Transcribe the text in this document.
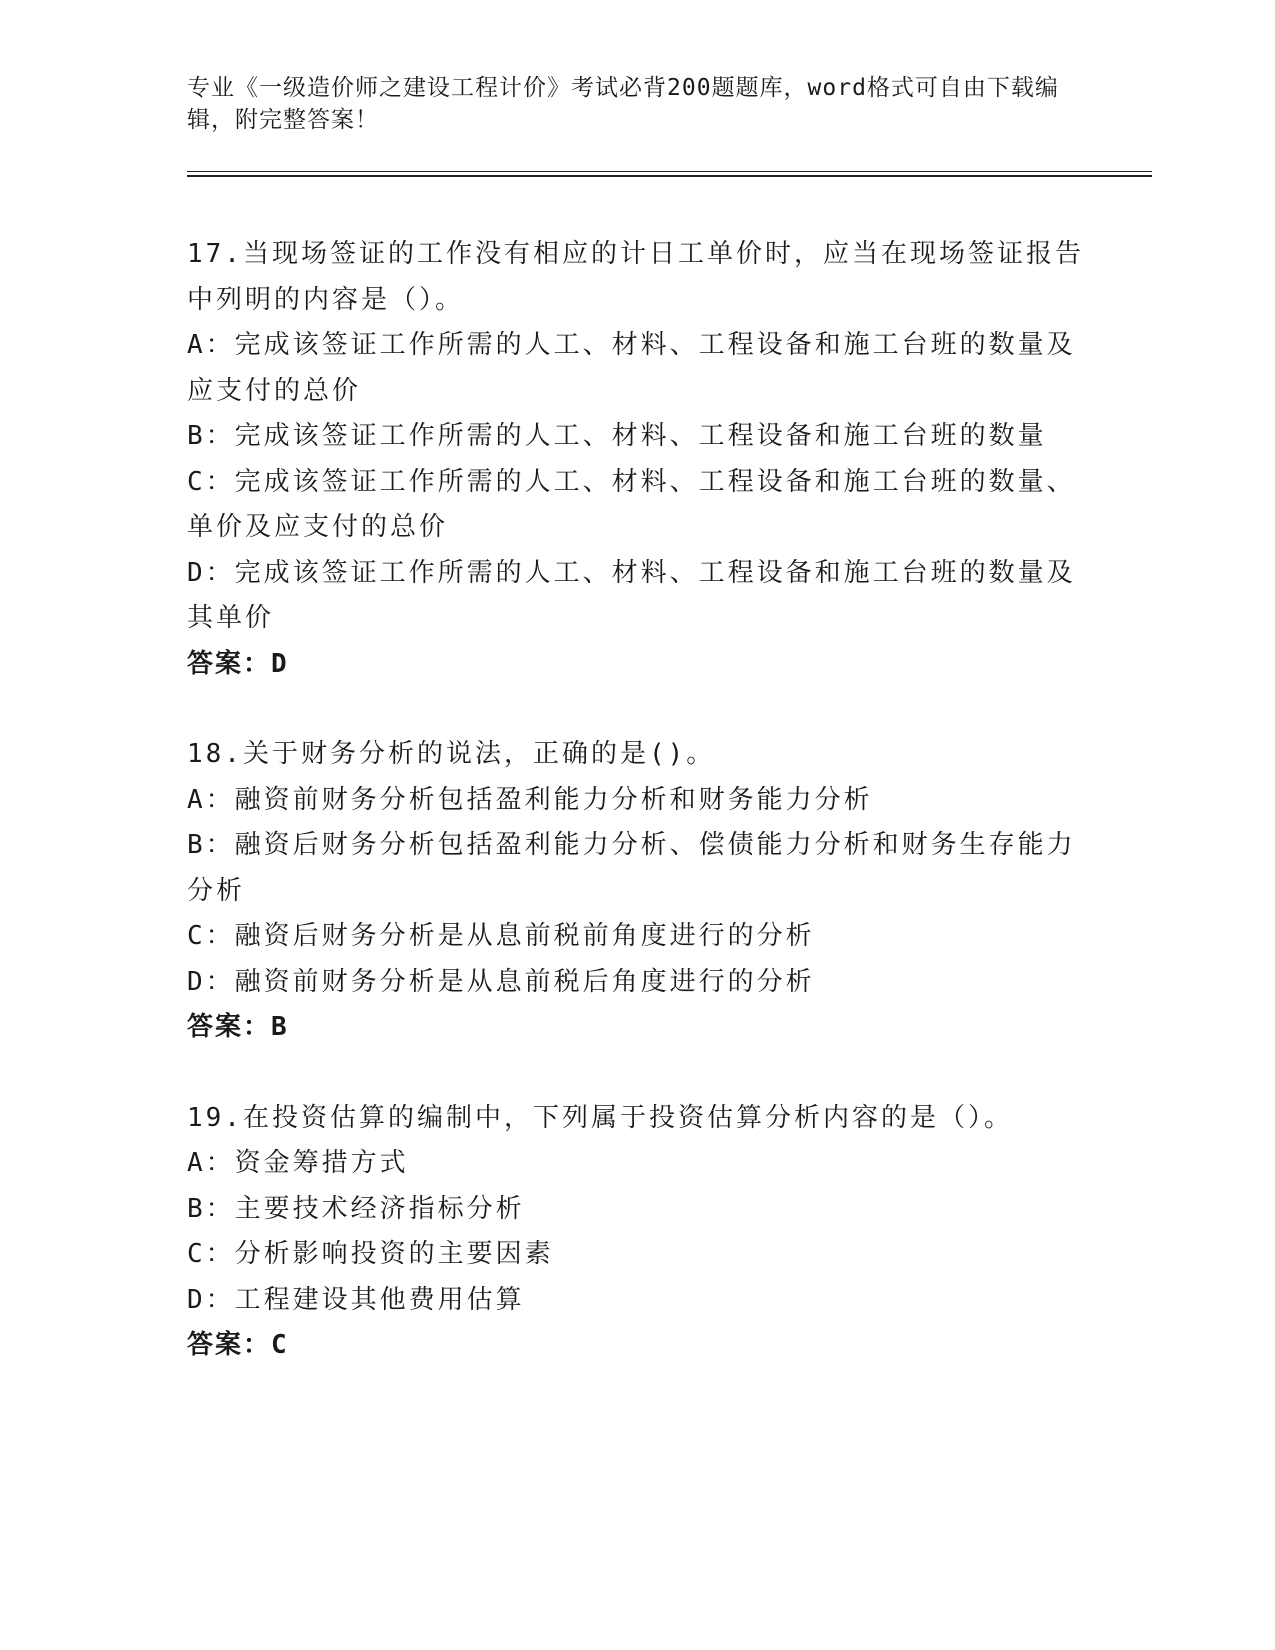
专业《一级造价师之建设工程计价》考试必背200题题库，word格式可自由下载编辑，附完整答案！
17.当现场签证的工作没有相应的计日工单价时，应当在现场签证报告中列明的内容是（）。
A：完成该签证工作所需的人工、材料、工程设备和施工台班的数量及应支付的总价
B：完成该签证工作所需的人工、材料、工程设备和施工台班的数量
C：完成该签证工作所需的人工、材料、工程设备和施工台班的数量、单价及应支付的总价
D：完成该签证工作所需的人工、材料、工程设备和施工台班的数量及其单价
答案：D
18.关于财务分析的说法，正确的是()。
A：融资前财务分析包括盈利能力分析和财务能力分析
B：融资后财务分析包括盈利能力分析、偿债能力分析和财务生存能力分析
C：融资后财务分析是从息前税前角度进行的分析
D：融资前财务分析是从息前税后角度进行的分析
答案：B
19.在投资估算的编制中，下列属于投资估算分析内容的是（）。
A：资金筹措方式
B：主要技术经济指标分析
C：分析影响投资的主要因素
D：工程建设其他费用估算
答案：C
